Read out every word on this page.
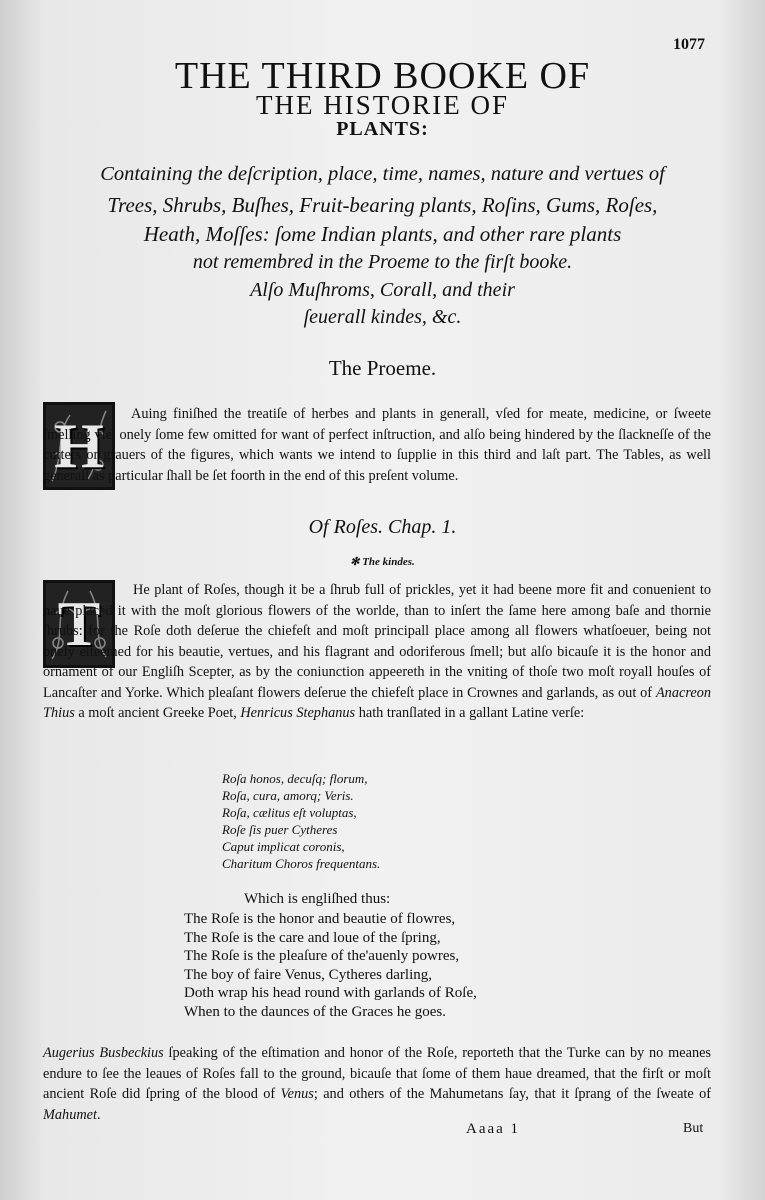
1077
THE THIRD BOOKE OF
THE HISTORIE OF
PLANTS:
Containing the deſcription, place, time, names, nature and vertues of
Trees, Shrubs, Buſhes, Fruit-bearing plants, Roſins, Gums, Roſes,
Heath, Moſſes: ſome Indian plants, and other rare plants
not remembred in the Proeme to the firſt booke.
Alſo Muſhroms, Corall, and their
ſeuerall kindes, &c.
The Proeme.
H	Auing finiſhed the treatiſe of herbes and plants in generall, vſed for meate, medicine, or ſweete ſmelling vſe, onely ſome few omitted for want of perfect inſtruction, and alſo being hindered by the ſlackneſſe of the cutters or grauers of the figures, which wants we intend to ſupplie in this third and laſt part. The Tables, as well generall as particular ſhall be ſet foorth in the end of this preſent volume.
Of Roſes. Chap. 1.
✻ The kindes.
T	He plant of Roſes, though it be a ſhrub full of prickles, yet it had beene more fit and conuenient to haue placed it with the moſt glorious flowers of the worlde, than to inſert the ſame here among baſe and thornie ſhrubs: for the Roſe doth deſerue the chiefeſt and moſt principall place among all flowers whatſoeuer, being not onely eſteemed for his beautie, vertues, and his flagrant and odoriferous ſmell; but alſo bicauſe it is the honor and ornament of our Engliſh Scepter, as by the coniunction appeereth in the vniting of thoſe two moſt royall houſes of Lancaſter and Yorke. Which pleaſant flowers deſerue the chiefeſt place in Crownes and garlands, as out of Anacreon Thius a moſt ancient Greeke Poet, Henricus Stephanus hath tranſlated in a gallant Latine verſe:
Roſa honos, decuſq; florum,
Roſa, cura, amorq; Veris.
Roſa, cælitus eſt voluptas,
Roſe ſis puer Cytheres
Caput implicat coronis,
Charitum Choros frequentans.
Which is engliſhed thus:
The Roſe is the honor and beautie of flowres,
The Roſe is the care and loue of the ſpring,
The Roſe is the pleaſure of the'auenly powres,
The boy of faire Venus, Cytheres darling,
Doth wrap his head round with garlands of Roſe,
When to the daunces of the Graces he goes.
Augerius Busbeckius ſpeaking of the eſtimation and honor of the Roſe, reporteth that the Turke can by no meanes endure to ſee the leaues of Roſes fall to the ground, bicauſe that ſome of them haue dreamed, that the firſt or moſt ancient Roſe did ſpring of the blood of Venus; and others of the Mahumetans ſay, that it ſprang of the ſweate of Mahumet.
Aaaa 1	But
